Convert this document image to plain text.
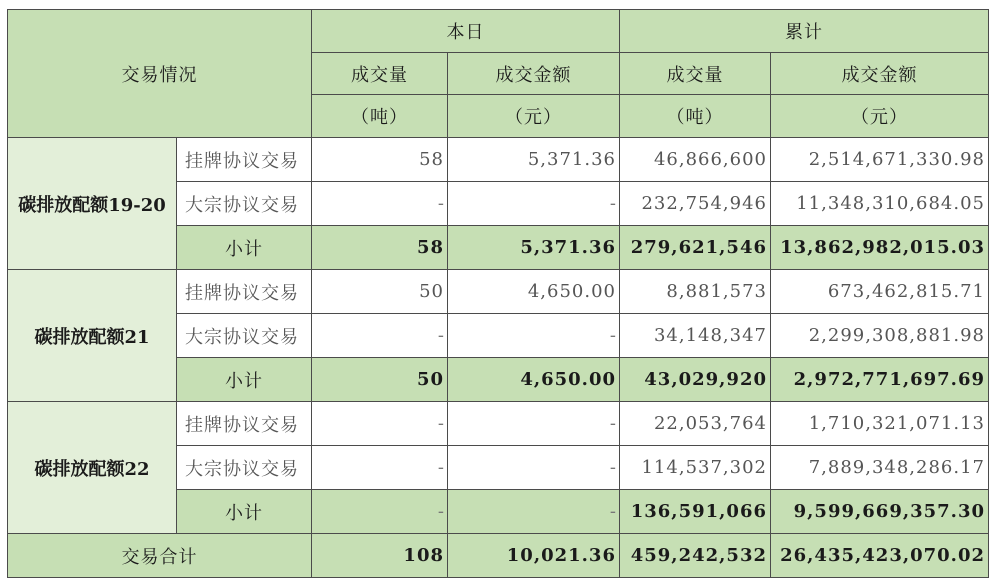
交易情况		本日		累计	
		成交量	成交金额	成交量	成交金额
		（吨）	（元）	（吨）	（元）
碳排放配额19-20	挂牌协议交易	58	5,371.36	46,866,600	2,514,671,330.98
	大宗协议交易	-	-	232,754,946	11,348,310,684.05
	小计	58	5,371.36	279,621,546	13,862,982,015.03
碳排放配额21	挂牌协议交易	50	4,650.00	8,881,573	673,462,815.71
	大宗协议交易	-	-	34,148,347	2,299,308,881.98
	小计	50	4,650.00	43,029,920	2,972,771,697.69
碳排放配额22	挂牌协议交易	-	-	22,053,764	1,710,321,071.13
	大宗协议交易	-	-	114,537,302	7,889,348,286.17
	小计	-	-	136,591,066	9,599,669,357.30
交易合计		108	10,021.36	459,242,532	26,435,423,070.02
